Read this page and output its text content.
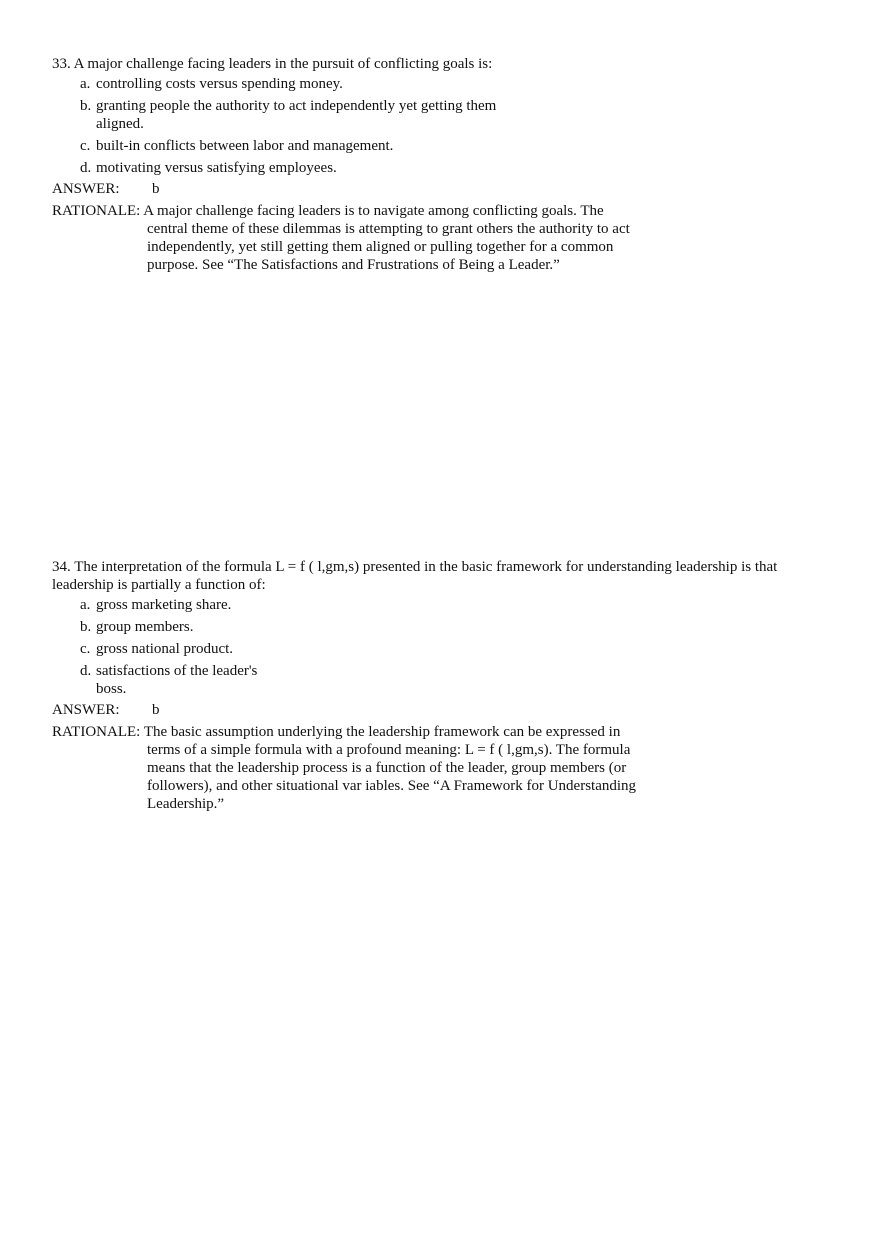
33. A major challenge facing leaders in the pursuit of conflicting goals is:

a. controlling costs versus spending money.
b. granting people the authority to act independently yet getting them aligned.
c. built-in conflicts between labor and management.
d. motivating versus satisfying employees.
ANSWER:	b
RATIONALE: A major challenge facing leaders is to navigate among conflicting goals. The
central theme of these dilemmas is attempting to grant others the authority to act independently, yet still getting them aligned or pulling together for a common purpose. See “The Satisfactions and Frustrations of Being a Leader.”

34. The interpretation of the formula L = f ( l,gm,s) presented in the basic framework for understanding leadership is that leadership is partially a function of:

a. gross marketing share.
b. group members.
c. gross national product.
d. satisfactions of the leader's boss.
ANSWER:	b
RATIONALE: The basic assumption underlying the leadership framework can be expressed in
terms of a simple formula with a profound meaning: L = f ( l,gm,s). The formula means that the leadership process is a function of the leader, group members (or followers), and other situational var iables. See “A Framework for Understanding Leadership.”
